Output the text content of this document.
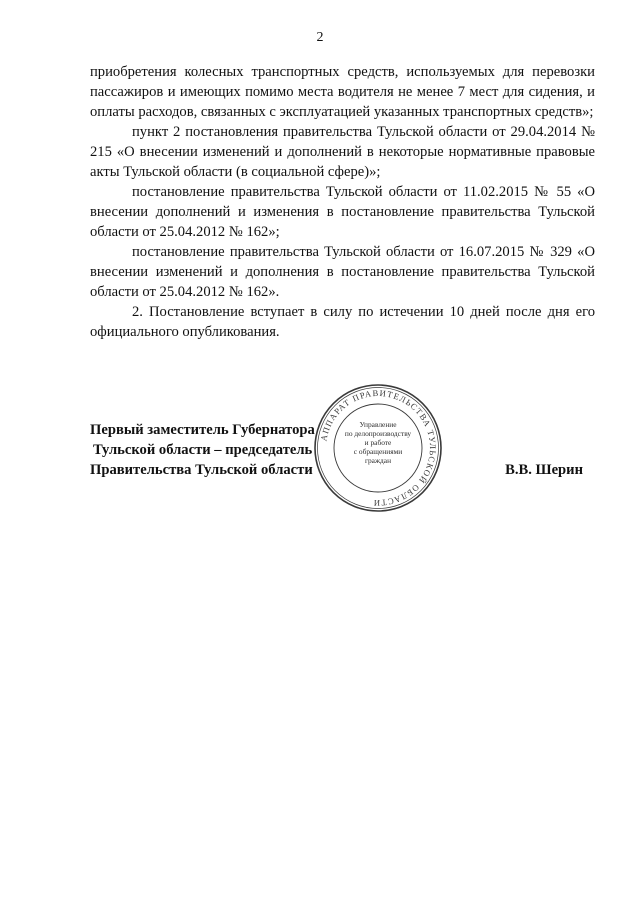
2

приобретения колесных транспортных средств, используемых для перевозки пассажиров и имеющих помимо места водителя не менее 7 мест для сидения, и оплаты расходов, связанных с эксплуатацией указанных транспортных средств»;

пункт 2 постановления правительства Тульской области от 29.04.2014 № 215 «О внесении изменений и дополнений в некоторые нормативные правовые акты Тульской области (в социальной сфере)»;

постановление правительства Тульской области от 11.02.2015 № 55 «О внесении дополнений и изменения в постановление правительства Тульской области от 25.04.2012 № 162»;

постановление правительства Тульской области от 16.07.2015 № 329 «О внесении изменений и дополнения в постановление правительства Тульской области от 25.04.2012 № 162».

2. Постановление вступает в силу по истечении 10 дней после дня его официального опубликования.

Первый заместитель Губернатора
Тульской области – председатель
Правительства Тульской области	В.В. Шерин
АППАРАТ ПРАВИТЕЛЬСТВА ТУЛЬСКОЙ ОБЛАСТИ
Управление
по делопроизводству
и работе
с обращениями
граждан
